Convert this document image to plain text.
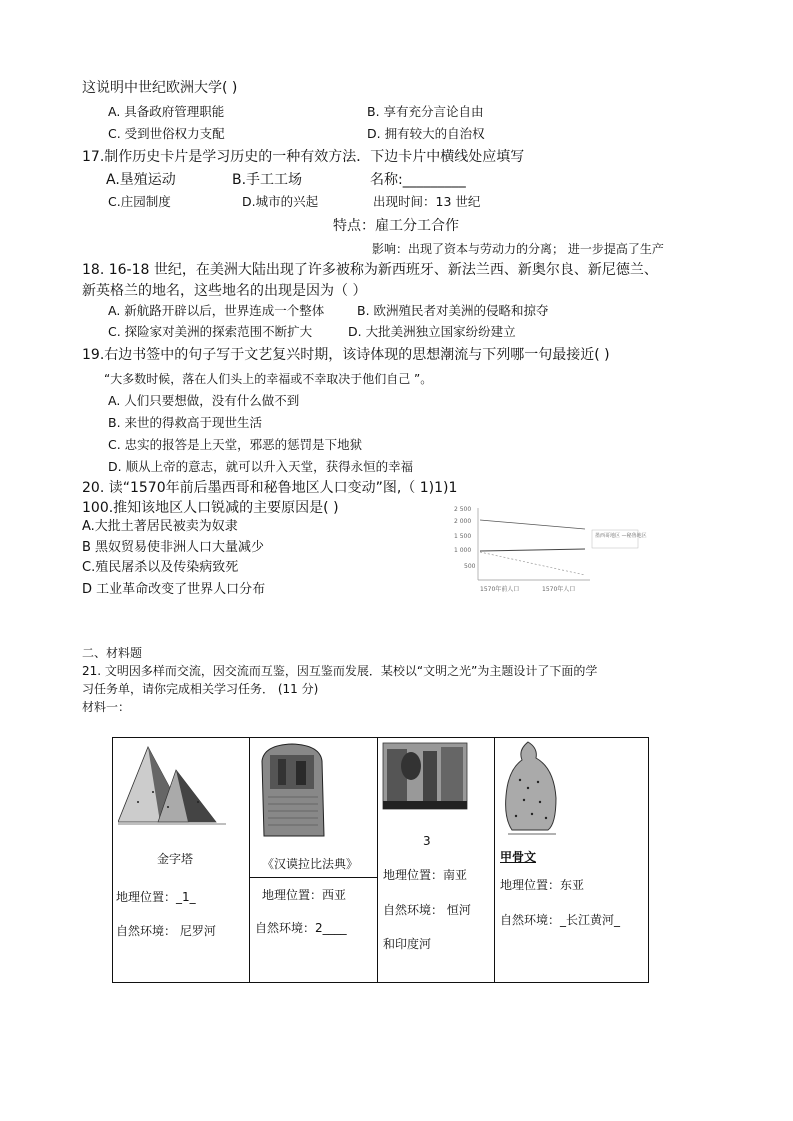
这说明中世纪欧洲大学( )
A. 具备政府管理职能	B. 享有充分言论自由
C. 受到世俗权力支配	D. 拥有较大的自治权
17.制作历史卡片是学习历史的一种有效方法．下边卡片中横线处应填写
A.垦殖运动	B.手工工场	名称:_________
C.庄园制度	D.城市的兴起	出现时间：13 世纪
特点：雇工分工合作
影响：出现了资本与劳动力的分离； 进一步提高了生产
18. 16-18 世纪，在美洲大陆出现了许多被称为新西班牙、新法兰西、新奥尔良、新尼德兰、
新英格兰的地名，这些地名的出现是因为（ ）
A. 新航路开辟以后，世界连成一个整体	B. 欧洲殖民者对美洲的侵略和掠夺
C. 探险家对美洲的探索范围不断扩大	D. 大批美洲独立国家纷纷建立
19.右边书签中的句子写于文艺复兴时期，该诗体现的思想潮流与下列哪一句最接近( )
“大多数时候，落在人们头上的幸福或不幸取决于他们自己 ”。
A. 人们只要想做，没有什么做不到
B. 来世的得救高于现世生活
C. 忠实的报答是上天堂，邪恶的惩罚是下地狱
D. 顺从上帝的意志，就可以升入天堂，获得永恒的幸福
20. 读“1570年前后墨西哥和秘鲁地区人口变动”图,（ 1)1)1
100.推知该地区人口锐减的主要原因是( )
A.大批土著居民被卖为奴隶
B 黑奴贸易使非洲人口大量减少
C.殖民屠杀以及传染病致死
D 工业革命改变了世界人口分布
2 500
2 000
1 500
1 000
500
墨西哥地区 —秘鲁地区
1570年前人口	1570年人口
二、材料题
21. 文明因多样而交流，因交流而互鉴，因互鉴而发展．某校以“文明之光”为主题设计了下面的学
习任务单，请你完成相关学习任务． (11 分)
材料一：
金字塔
地理位置：_1_
自然环境： 尼罗河
《汉谟拉比法典》
地理位置：西亚
自然环境：2____
3
地理位置：南亚
自然环境： 恒河
和印度河
甲骨文
地理位置：东亚
自然环境：_长江黄河_
